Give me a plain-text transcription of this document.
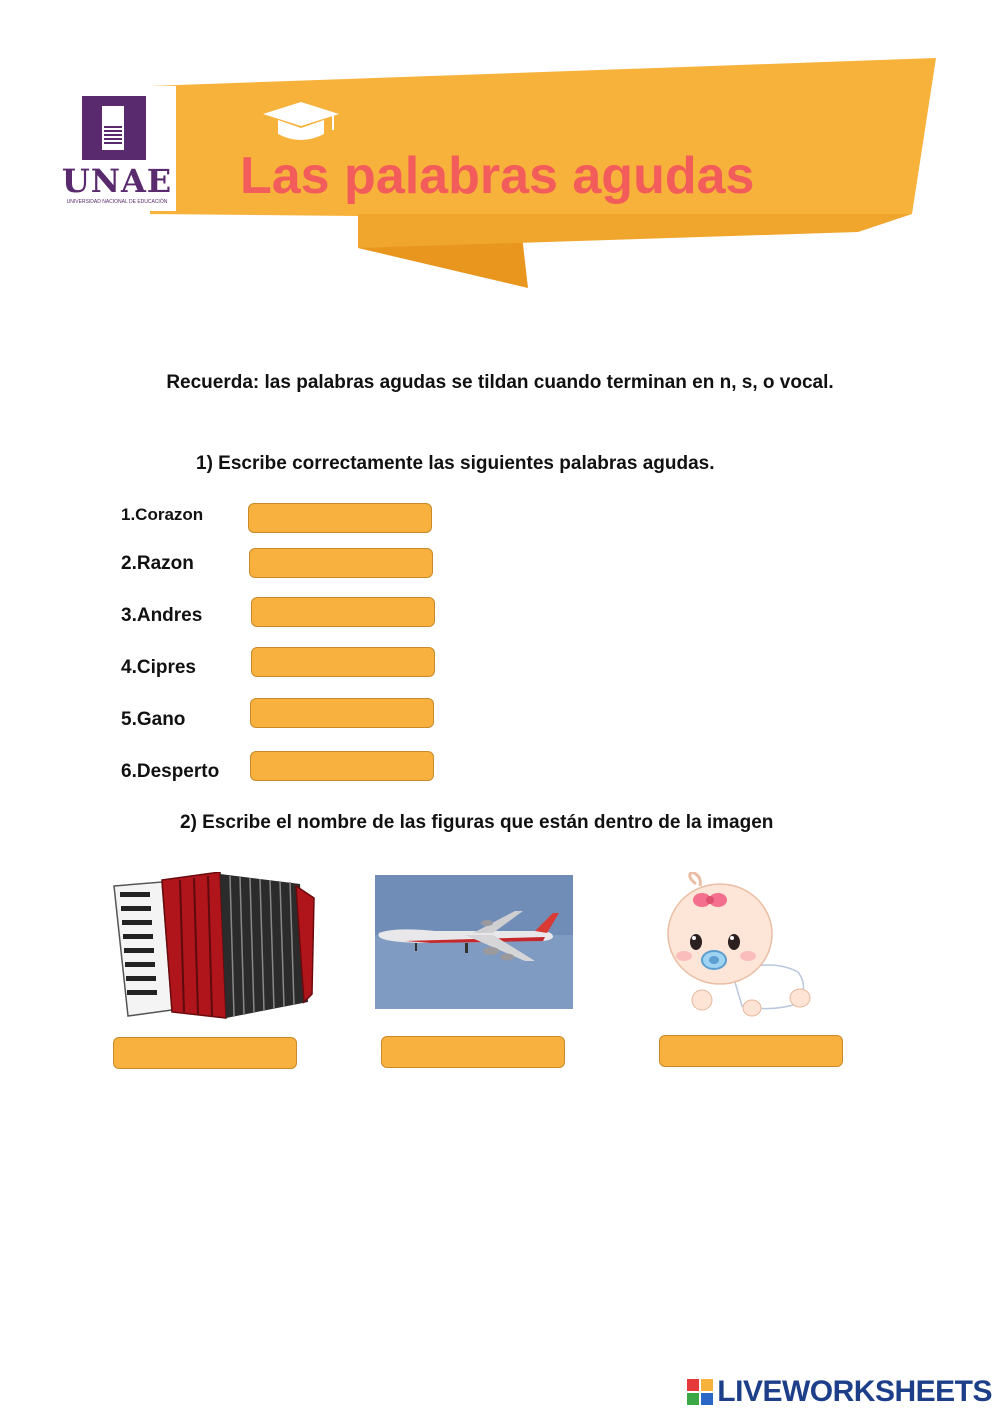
UNAE
UNIVERSIDAD NACIONAL DE EDUCACIÓN Las palabras agudas
Recuerda: las palabras agudas se tildan cuando terminan en n, s, o vocal.
1) Escribe correctamente las siguientes palabras agudas.
1.Corazon
2.Razon
3.Andres
4.Cipres
5.Gano
6.Desperto
2) Escribe el nombre de las figuras que están dentro de la imagen
LIVEWORKSHEETS
